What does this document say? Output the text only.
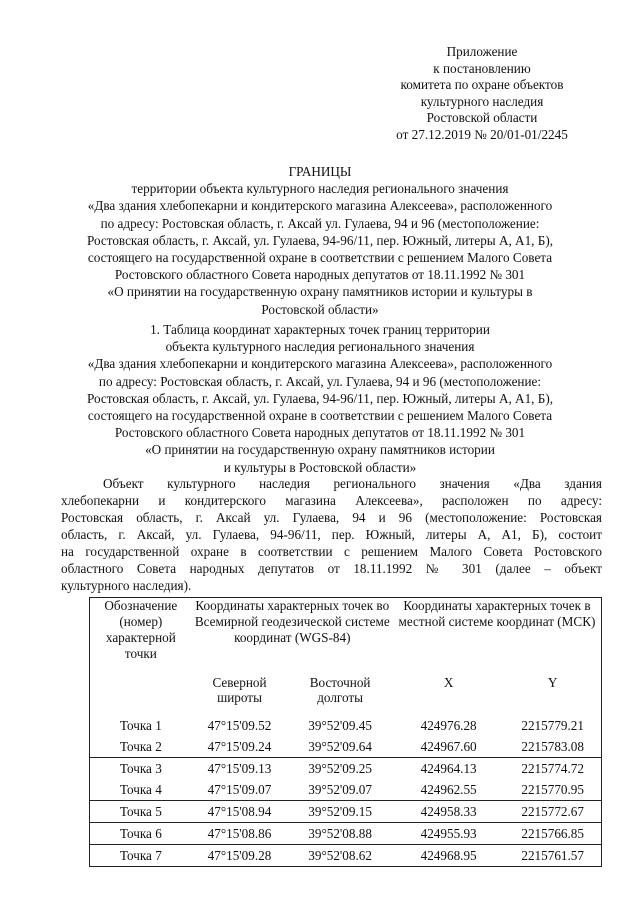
Приложение
к постановлению
комитета по охране объектов
культурного наследия
Ростовской области
от 27.12.2019 № 20/01-01/2245
ГРАНИЦЫ
территории объекта культурного наследия регионального значения
«Два здания хлебопекарни и кондитерского магазина Алексеева», расположенного
по адресу: Ростовская область, г. Аксай ул. Гулаева, 94 и 96 (местоположение:
Ростовская область, г. Аксай, ул. Гулаева, 94-96/11, пер. Южный, литеры А, А1, Б),
состоящего на государственной охране в соответствии с решением Малого Совета
Ростовского областного Совета народных депутатов от 18.11.1992 № 301
«О принятии на государственную охрану памятников истории и культуры в
Ростовской области»
1. Таблица координат характерных точек границ территории
объекта культурного наследия регионального значения
«Два здания хлебопекарни и кондитерского магазина Алексеева», расположенного
по адресу: Ростовская область, г. Аксай, ул. Гулаева, 94 и 96 (местоположение:
Ростовская область, г. Аксай, ул. Гулаева, 94-96/11, пер. Южный, литеры А, А1, Б),
состоящего на государственной охране в соответствии с решением Малого Совета
Ростовского областного Совета народных депутатов от 18.11.1992 № 301
«О принятии на государственную охрану памятников истории
и культуры в Ростовской области»
Объект культурного наследия регионального значения «Два здания
хлебопекарни и кондитерского магазина Алексеева», расположен по адресу:
Ростовская область, г. Аксай ул. Гулаева, 94 и 96 (местоположение: Ростовская
область, г. Аксай, ул. Гулаева, 94-96/11, пер. Южный, литеры А, А1, Б), состоит
на государственной охране в соответствии с решением Малого Совета Ростовского
областного Совета народных депутатов от 18.11.1992 № 301 (далее – объект
культурного наследия).
Обозначение (номер) характерной точки	Координаты характерных точек во Всемирной геодезической системе координат (WGS-84)		Координаты характерных точек в местной системе координат (МСК)	
	Северной широты	Восточной долготы	X	Y
Точка 1	47°15'09.52	39°52'09.45	424976.28	2215779.21
Точка 2	47°15'09.24	39°52'09.64	424967.60	2215783.08
Точка 3	47°15'09.13	39°52'09.25	424964.13	2215774.72
Точка 4	47°15'09.07	39°52'09.07	424962.55	2215770.95
Точка 5	47°15'08.94	39°52'09.15	424958.33	2215772.67
Точка 6	47°15'08.86	39°52'08.88	424955.93	2215766.85
Точка 7	47°15'09.28	39°52'08.62	424968.95	2215761.57
